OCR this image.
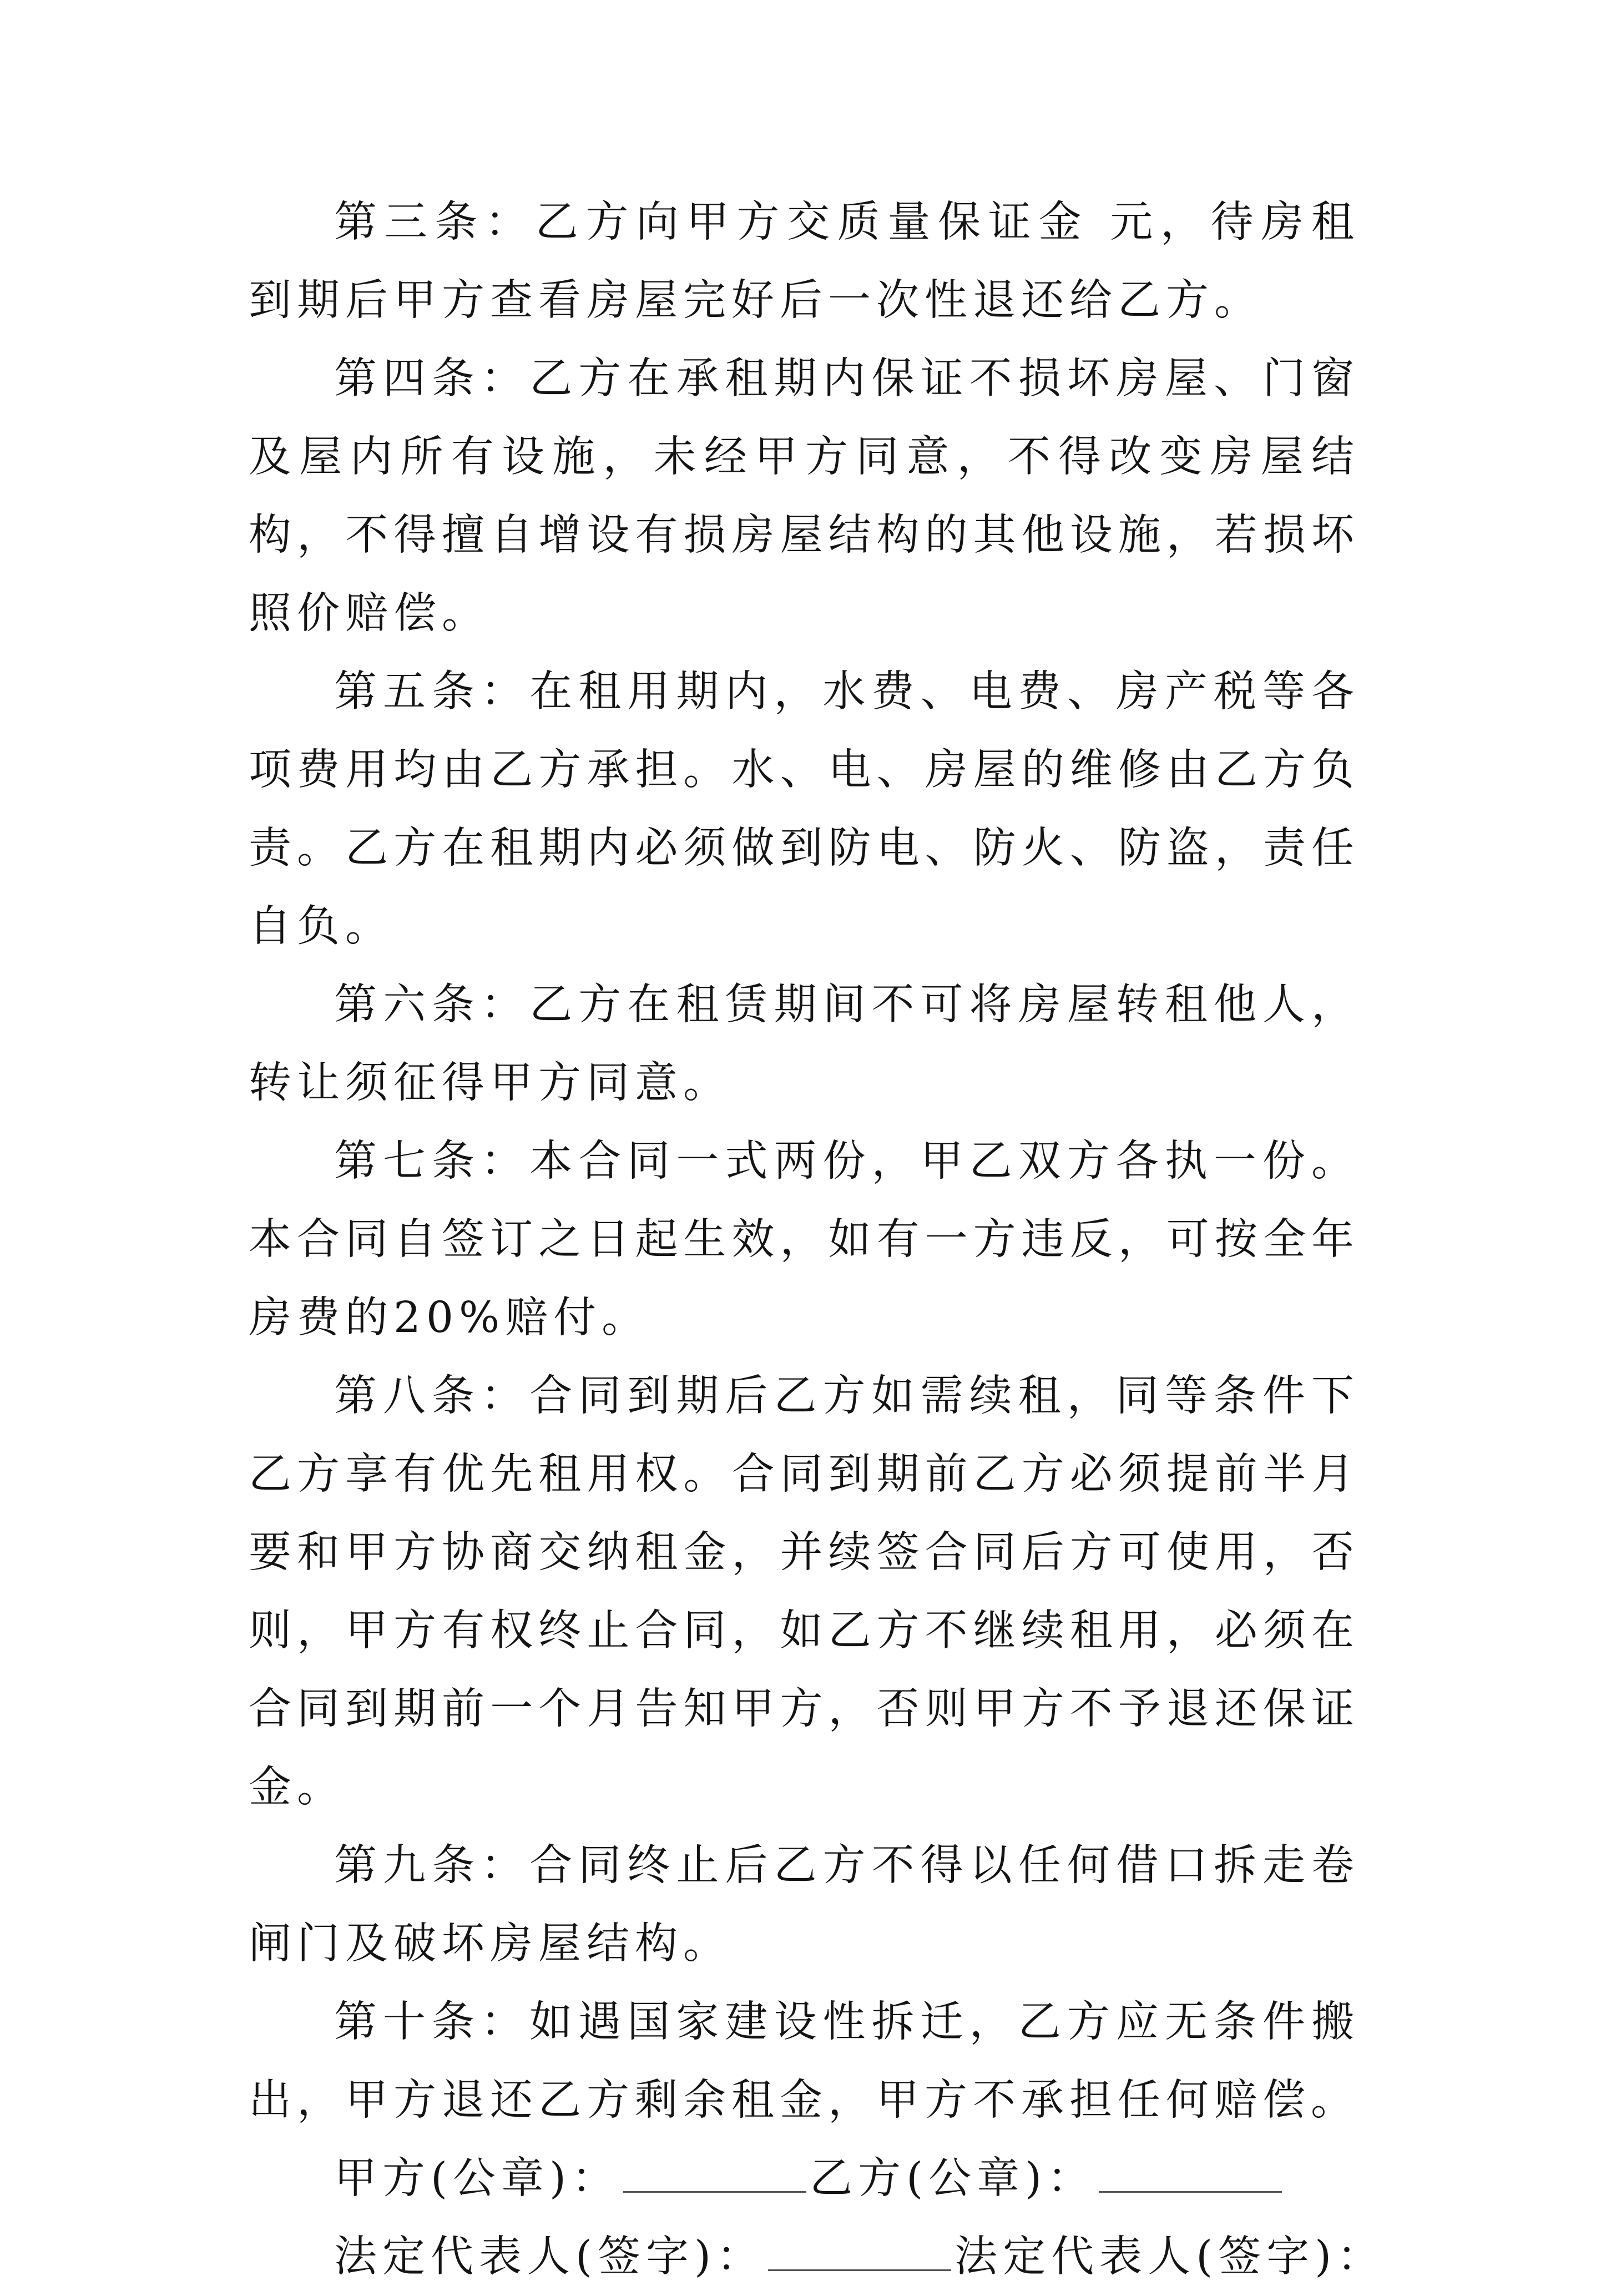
第三条：乙方向甲方交质量保证金 元，待房租到期后甲方查看房屋完好后一次性退还给乙方。

第四条：乙方在承租期内保证不损坏房屋、门窗及屋内所有设施，未经甲方同意，不得改变房屋结构，不得擅自增设有损房屋结构的其他设施，若损坏照价赔偿。

第五条：在租用期内，水费、电费、房产税等各项费用均由乙方承担。水、电、房屋的维修由乙方负责。乙方在租期内必须做到防电、防火、防盗，责任自负。

第六条：乙方在租赁期间不可将房屋转租他人，转让须征得甲方同意。

第七条：本合同一式两份，甲乙双方各执一份。本合同自签订之日起生效，如有一方违反，可按全年房费的20%赔付。

第八条：合同到期后乙方如需续租，同等条件下乙方享有优先租用权。合同到期前乙方必须提前半月要和甲方协商交纳租金，并续签合同后方可使用，否则，甲方有权终止合同，如乙方不继续租用，必须在合同到期前一个月告知甲方，否则甲方不予退还保证金。

第九条：合同终止后乙方不得以任何借口拆走卷闸门及破坏房屋结构。

第十条：如遇国家建设性拆迁，乙方应无条件搬出，甲方退还乙方剩余租金，甲方不承担任何赔偿。

甲方(公章)：	乙方(公章)：

法定代表人(签字)：	法定代表人(签字)：
